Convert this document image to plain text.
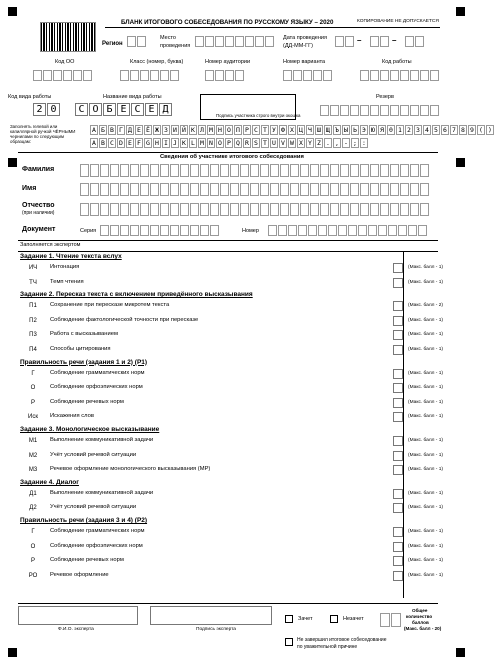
БЛАНК ИТОГОВОГО СОБЕСЕДОВАНИЯ ПО РУССКОМУ ЯЗЫКУ – 2020	КОПИРОВАНИЕ НЕ ДОПУСКАЕТСЯ
Регион
Место
проведения
Дата проведения
(ДД-ММ-ГГ)
–	–
Код ОО	Класс (номер, буква)	Номер аудитории	Номер варианта	Код работы
Код вида работы
2 0
Название вида работы
С О Б Е С Е Д
Подпись участника строго внутри окошка
Резерв
Заполнять гелевой или капиллярной ручкой ЧЁРНЫМИ чернилами по следующим образцам:
А Б В Г Д Е Ё Ж З И Й К Л М Н О П Р С Т У Ф Х Ц Ч Ш Щ Ъ Ы Ь Э Ю Я 0 1 2 3 4 5 6 7 8 9 ( )
A B C D E F G H I J K L M N O P Q R S T U V W X Y Z . , - ; :
Сведения об участнике итогового собеседования
Фамилия
Имя
Отчество
(при наличии)
Документ	Серия	Номер
Заполняется экспертом
Задание 1. Чтение текста вслух
ИЧ	Интонация	(Макс. балл - 1)
ТЧ	Темп чтения	(Макс. балл - 1)
Задание 2. Пересказ текста с включением приведённого высказывания
П1	Сохранение при пересказе микротем текста	(Макс. балл - 2)
П2	Соблюдение фактологической точности при пересказе	(Макс. балл - 1)
П3	Работа с высказыванием	(Макс. балл - 1)
П4	Способы цитирования	(Макс. балл - 1)
Правильность речи (задания 1 и 2) (Р1)
Г	Соблюдение грамматических норм	(Макс. балл - 1)
О	Соблюдение орфоэпических норм	(Макс. балл - 1)
Р	Соблюдение речевых норм	(Макс. балл - 1)
Иск	Искажения слов	(Макс. балл - 1)
Задание 3. Монологическое высказывание
М1	Выполнение коммуникативной задачи	(Макс. балл - 1)
М2	Учёт условий речевой ситуации	(Макс. балл - 1)
М3	Речевое оформление монологического высказывания (МР)	(Макс. балл - 1)
Задание 4. Диалог
Д1	Выполнение коммуникативной задачи	(Макс. балл - 1)
Д2	Учёт условий речевой ситуации	(Макс. балл - 1)
Правильность речи (задания 3 и 4) (Р2)
Г	Соблюдение грамматических норм	(Макс. балл - 1)
О	Соблюдение орфоэпических норм	(Макс. балл - 1)
Р	Соблюдение речевых норм	(Макс. балл - 1)
РО	Речевое оформление	(Макс. балл - 1)
Ф.И.О. эксперта	Подпись эксперта
Зачет	Незачет
Общее
количество
баллов
(Макс. балл - 20)
Не завершил итоговое собеседование
по уважительной причине
